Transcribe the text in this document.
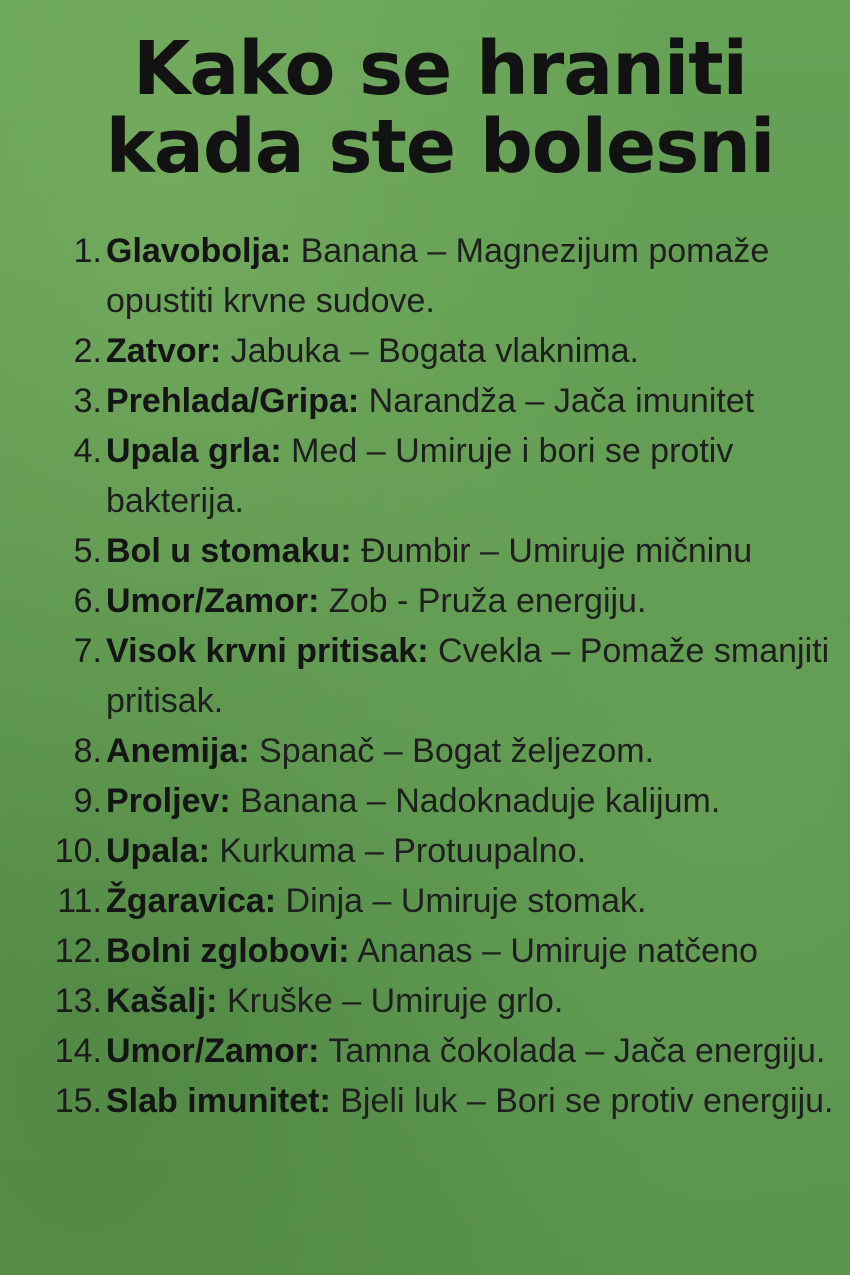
Kako se hraniti
kada ste bolesni
1. Glavobolja: Banana – Magnezijum pomaže opustiti krvne sudove.
2. Zatvor: Jabuka – Bogata vlaknima.
3. Prehlada/Gripa: Narandža – Jača imunitet
4. Upala grla: Med – Umiruje i bori se protiv bakterija.
5. Bol u stomaku: Đumbir – Umiruje mičninu
6. Umor/Zamor: Zob - Pruža energiju.
7. Visok krvni pritisak: Cvekla – Pomaže smanjiti pritisak.
8. Anemija: Spanač – Bogat željezom.
9. Proljev: Banana – Nadoknaduje kalijum.
10. Upala: Kurkuma – Protuupalno.
11. Žgaravica: Dinja – Umiruje stomak.
12. Bolni zglobovi: Ananas – Umiruje natčeno
13. Kašalj: Kruške – Umiruje grlo.
14. Umor/Zamor: Tamna čokolada – Jača energiju.
15. Slab imunitet: Bjeli luk – Bori se protiv energiju.
